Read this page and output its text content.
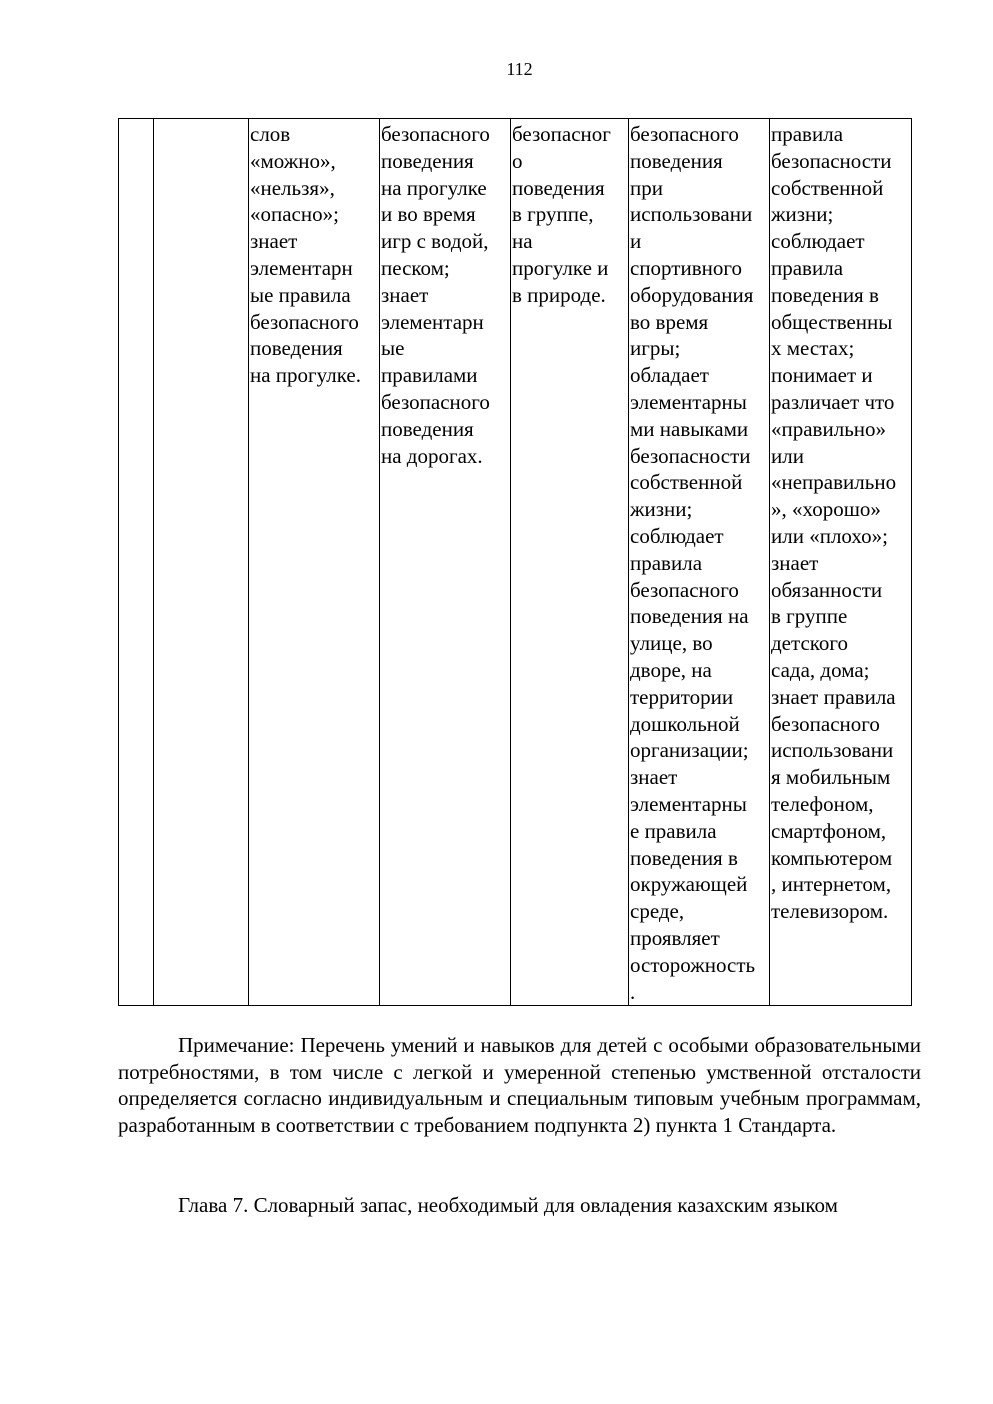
112
		слов
«можно»,
«нельзя»,
«опасно»;
знает
элементарн
ые правила
безопасного
поведения
на прогулке.	безопасного
поведения
на прогулке
и во время
игр с водой,
песком;
знает
элементарн
ые
правилами
безопасного
поведения
на дорогах.	безопаснoг
о
поведения
в группе,
на
прогулке и
в природе.	безопасного
поведения
при
использовани
и
спортивного
оборудования
во время
игры;
обладает
элементарны
ми навыками
безопасности
собственной
жизни;
соблюдает
правила
безопасного
поведения на
улице, во
дворе, на
территории
дошкольной
организации;
знает
элементарны
е правила
поведения в
окружающей
среде,
проявляет
осторожность
.	правила
безопасности
собственной
жизни;
соблюдает
правила
поведения в
общественны
х местах;
понимает и
различает что
«правильно»
или
«неправильно
», «хорошо»
или «плохо»;
знает
обязанности
в группе
детского
сада, дома;
знает правила
безопасного
использовани
я мобильным
телефоном,
смартфоном,
компьютером
, интернетом,
телевизором.

Примечание: Перечень умений и навыков для детей с особыми образовательными потребностями, в том числе с легкой и умеренной степенью умственной отсталости определяется согласно индивидуальным и специальным типовым учебным программам, разработанным в соответствии с требованием подпункта 2) пункта 1 Стандарта.

Глава 7. Словарный запас, необходимый для овладения казахским языком
